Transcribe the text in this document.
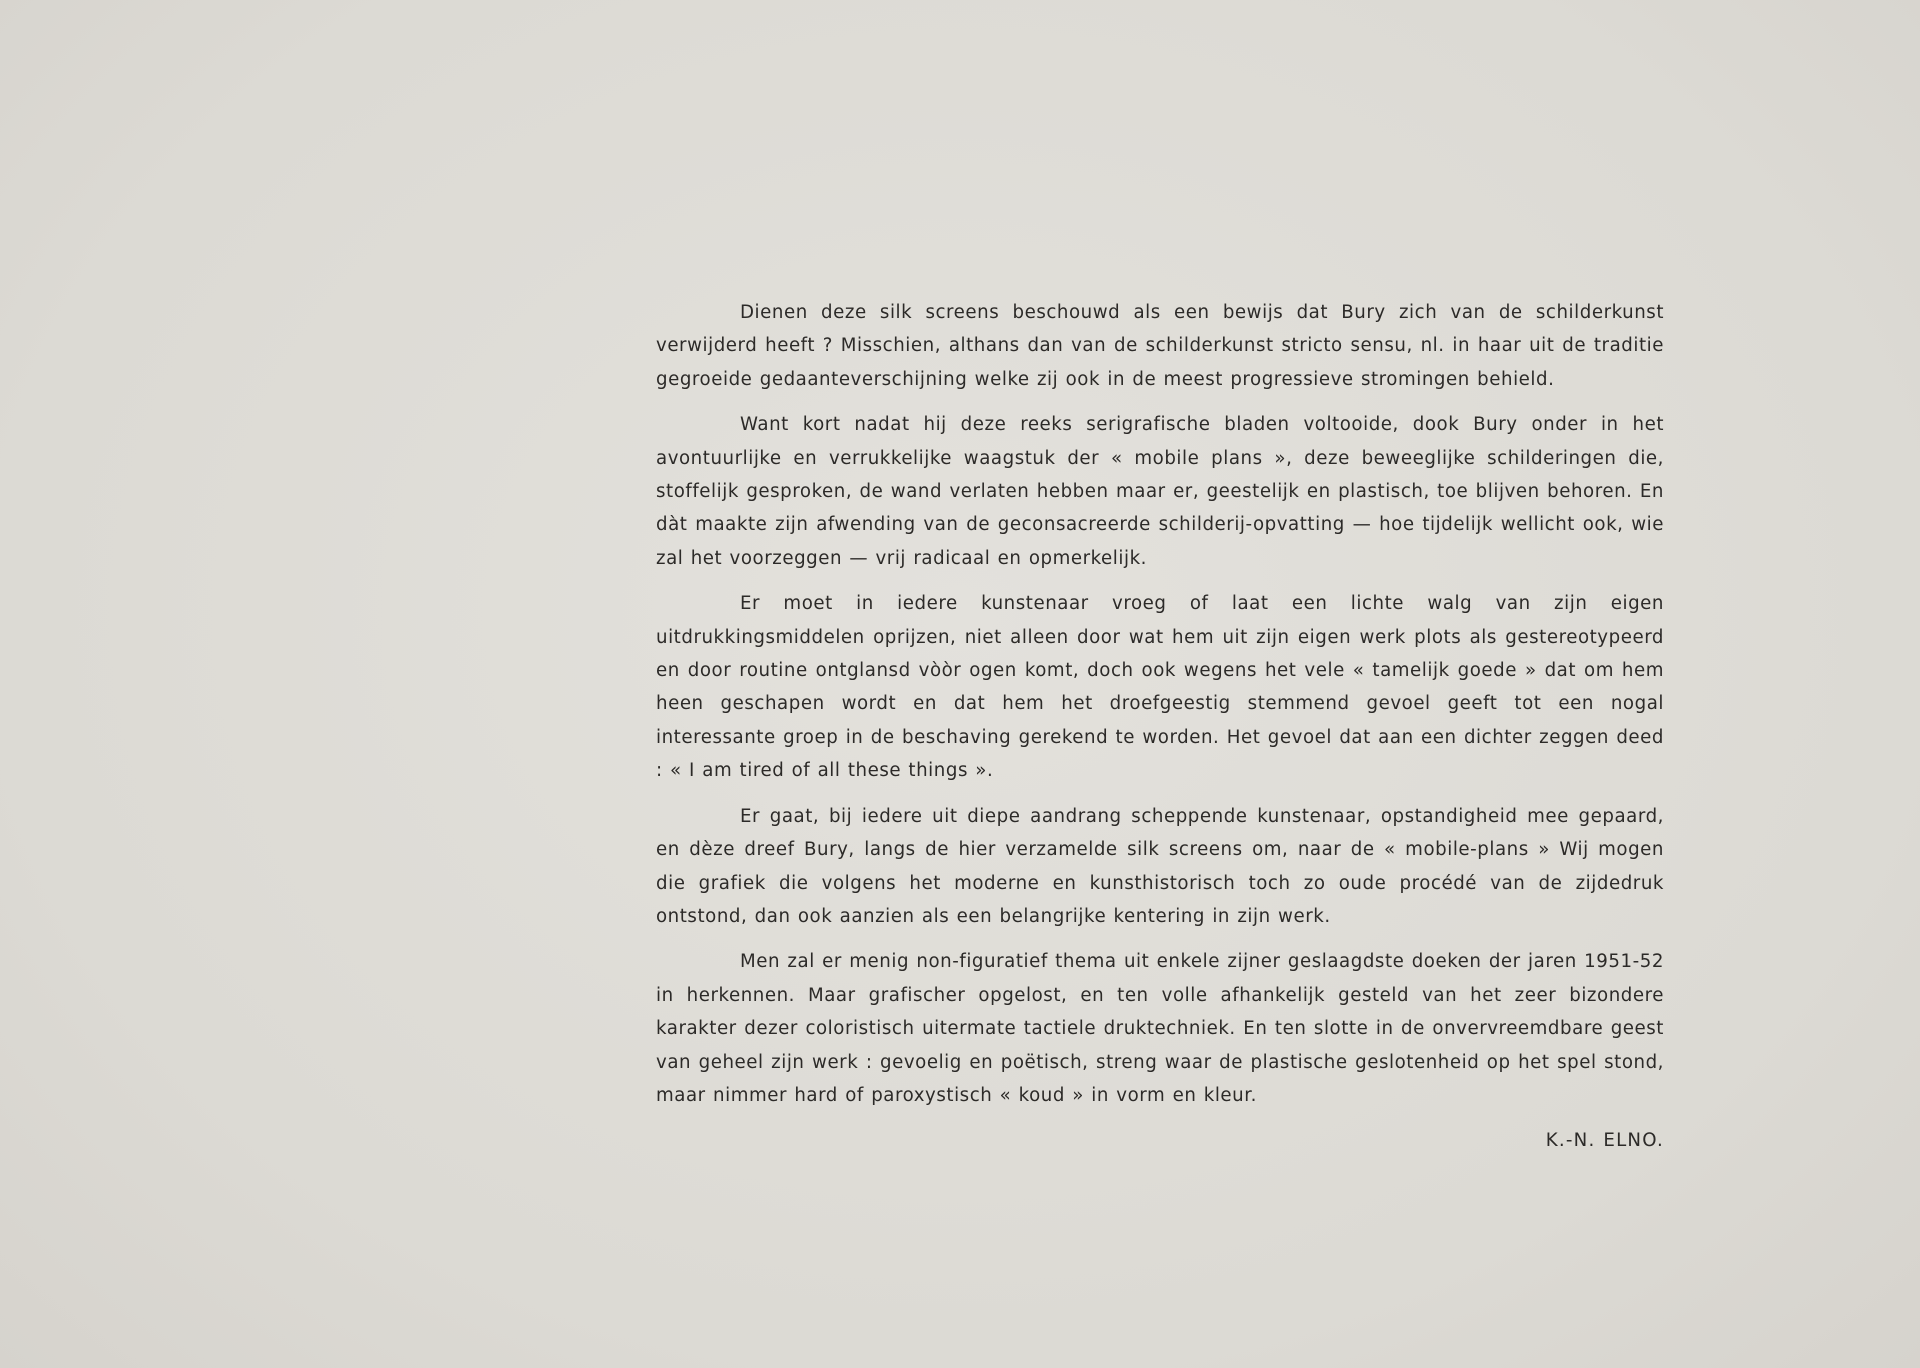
Dienen deze silk screens beschouwd als een bewijs dat Bury zich van de schilderkunst verwijderd heeft ? Misschien, althans dan van de schilderkunst stricto sensu, nl. in haar uit de traditie gegroeide gedaanteverschijning welke zij ook in de meest progressieve stromingen behield.

Want kort nadat hij deze reeks serigrafische bladen voltooide, dook Bury onder in het avontuurlijke en verrukkelijke waagstuk der « mobile plans », deze beweeglijke schilderingen die, stoffelijk gesproken, de wand verlaten hebben maar er, geestelijk en plastisch, toe blijven behoren. En dàt maakte zijn afwending van de geconsacreerde schilderij-opvatting — hoe tijdelijk wellicht ook, wie zal het voorzeggen — vrij radicaal en opmerkelijk.

Er moet in iedere kunstenaar vroeg of laat een lichte walg van zijn eigen uitdrukkingsmiddelen oprijzen, niet alleen door wat hem uit zijn eigen werk plots als gestereotypeerd en door routine ontglansd vòòr ogen komt, doch ook wegens het vele « tamelijk goede » dat om hem heen geschapen wordt en dat hem het droefgeestig stemmend gevoel geeft tot een nogal interessante groep in de beschaving gerekend te worden. Het gevoel dat aan een dichter zeggen deed : « I am tired of all these things ».

Er gaat, bij iedere uit diepe aandrang scheppende kunstenaar, opstandigheid mee gepaard, en dèze dreef Bury, langs de hier verzamelde silk screens om, naar de « mobile-plans » Wij mogen die grafiek die volgens het moderne en kunsthistorisch toch zo oude procédé van de zijdedruk ontstond, dan ook aanzien als een belangrijke kentering in zijn werk.

Men zal er menig non-figuratief thema uit enkele zijner geslaagdste doeken der jaren 1951-52 in herkennen. Maar grafischer opgelost, en ten volle afhankelijk gesteld van het zeer bizondere karakter dezer coloristisch uitermate tactiele druktechniek. En ten slotte in de onvervreemdbare geest van geheel zijn werk : gevoelig en poëtisch, streng waar de plastische geslotenheid op het spel stond, maar nimmer hard of paroxystisch « koud » in vorm en kleur.

K.-N. ELNO.
